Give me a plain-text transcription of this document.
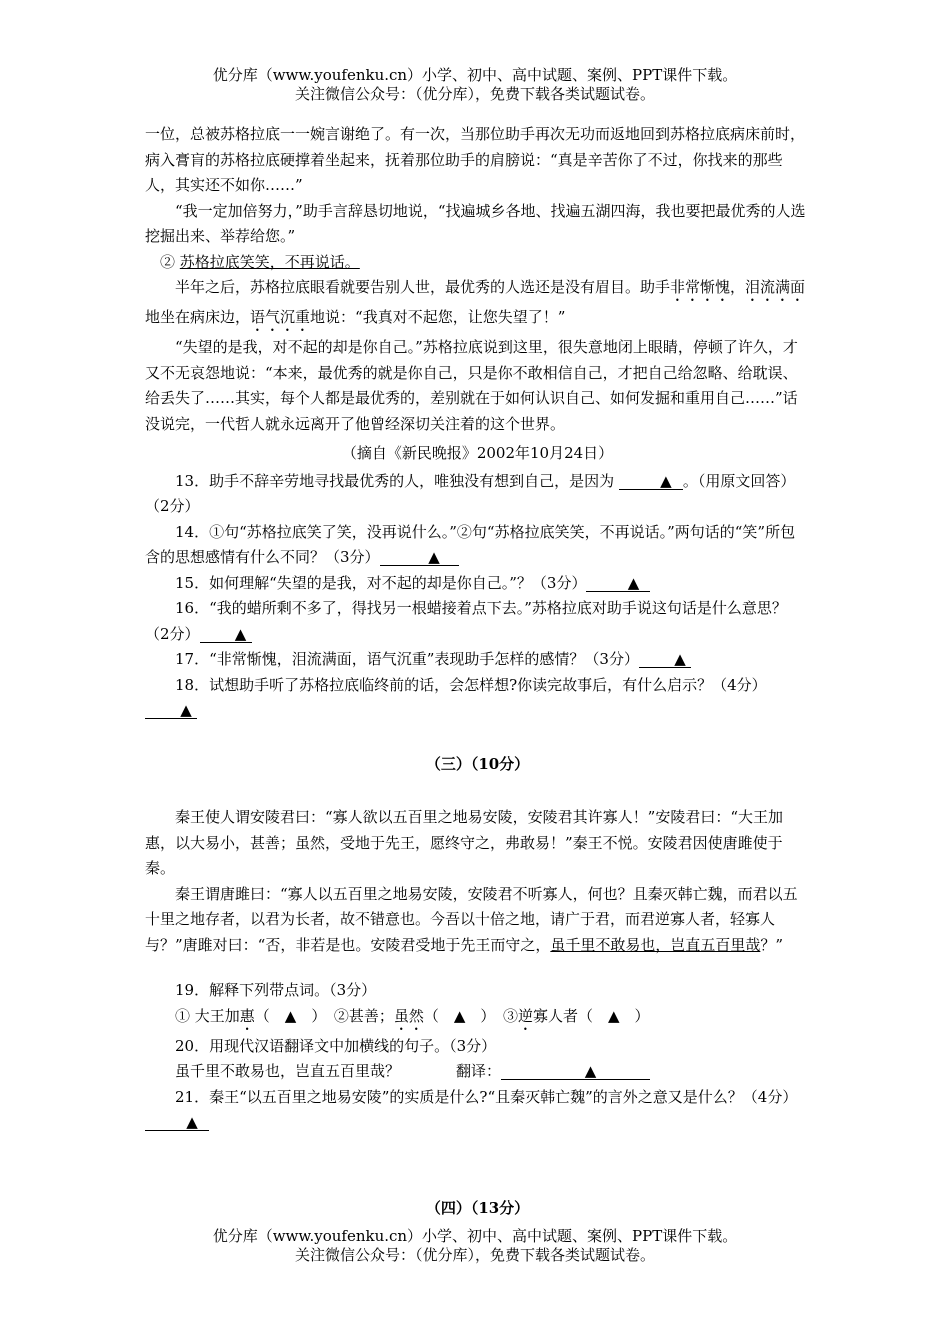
优分库（www.youfenku.cn）小学、初中、高中试题、案例、PPT课件下载。
关注微信公众号：（优分库），免费下载各类试题试卷。

一位，总被苏格拉底一一婉言谢绝了。有一次，当那位助手再次无功而返地回到苏格拉底病床前时，病入膏肓的苏格拉底硬撑着坐起来，抚着那位助手的肩膀说：“真是辛苦你了不过，你找来的那些人，其实还不如你……”

“我一定加倍努力，”助手言辞恳切地说，“找遍城乡各地、找遍五湖四海，我也要把最优秀的人选挖掘出来、举荐给您。”

② 苏格拉底笑笑，不再说话。

半年之后，苏格拉底眼看就要告别人世，最优秀的人选还是没有眉目。助手非常惭愧，泪流满面地坐在病床边，语气沉重地说：“我真对不起您，让您失望了！”

“失望的是我，对不起的却是你自己。”苏格拉底说到这里，很失意地闭上眼睛，停顿了许久，才又不无哀怨地说：“本来，最优秀的就是你自己，只是你不敢相信自己，才把自己给忽略、给耽误、给丢失了……其实，每个人都是最优秀的，差别就在于如何认识自己、如何发掘和重用自己……”话没说完，一代哲人就永远离开了他曾经深切关注着的这个世界。

（摘自《新民晚报》2002年10月24日）

13．助手不辞辛劳地寻找最优秀的人，唯独没有想到自己，是因为	▲ 。（用原文回答）（2分）

14．①句“苏格拉底笑了笑，没再说什么。”②句“苏格拉底笑笑，不再说话。”两句话的“笑”所包含的思想感情有什么不同？（3分）	▲

15．如何理解“失望的是我，对不起的却是你自己。”？（3分）	▲

16．“我的蜡所剩不多了，得找另一根蜡接着点下去。”苏格拉底对助手说这句话是什么意思？（2分） ▲

17．“非常惭愧，泪流满面，语气沉重”表现助手怎样的感情？（3分） ▲

18．试想助手听了苏格拉底临终前的话，会怎样想?你读完故事后，有什么启示？（4分）▲

（三）（10分）

秦王使人谓安陵君曰：“寡人欲以五百里之地易安陵，安陵君其许寡人！”安陵君曰：“大王加惠，以大易小，甚善；虽然，受地于先王，愿终守之，弗敢易！”秦王不悦。安陵君因使唐雎使于秦。

秦王谓唐雎曰：“寡人以五百里之地易安陵，安陵君不听寡人，何也？且秦灭韩亡魏，而君以五十里之地存者，以君为长者，故不错意也。今吾以十倍之地，请广于君，而君逆寡人者，轻寡人与？”唐雎对曰：“否，非若是也。安陵君受地于先王而守之，虽千里不敢易也，岂直五百里哉？”

19．解释下列带点词。（3分）

① 大王加惠（　▲　）　 ②甚善；虽然（　▲　）　 ③逆寡人者（　▲　）

20．用现代汉语翻译文中加横线的句子。（3分）

虽千里不敢易也，岂直五百里哉？	翻译：	▲

21．秦王“以五百里之地易安陵”的实质是什么?“且秦灭韩亡魏”的言外之意又是什么？（4分）▲

（四）（13分）

优分库（www.youfenku.cn）小学、初中、高中试题、案例、PPT课件下载。
关注微信公众号：（优分库），免费下载各类试题试卷。
